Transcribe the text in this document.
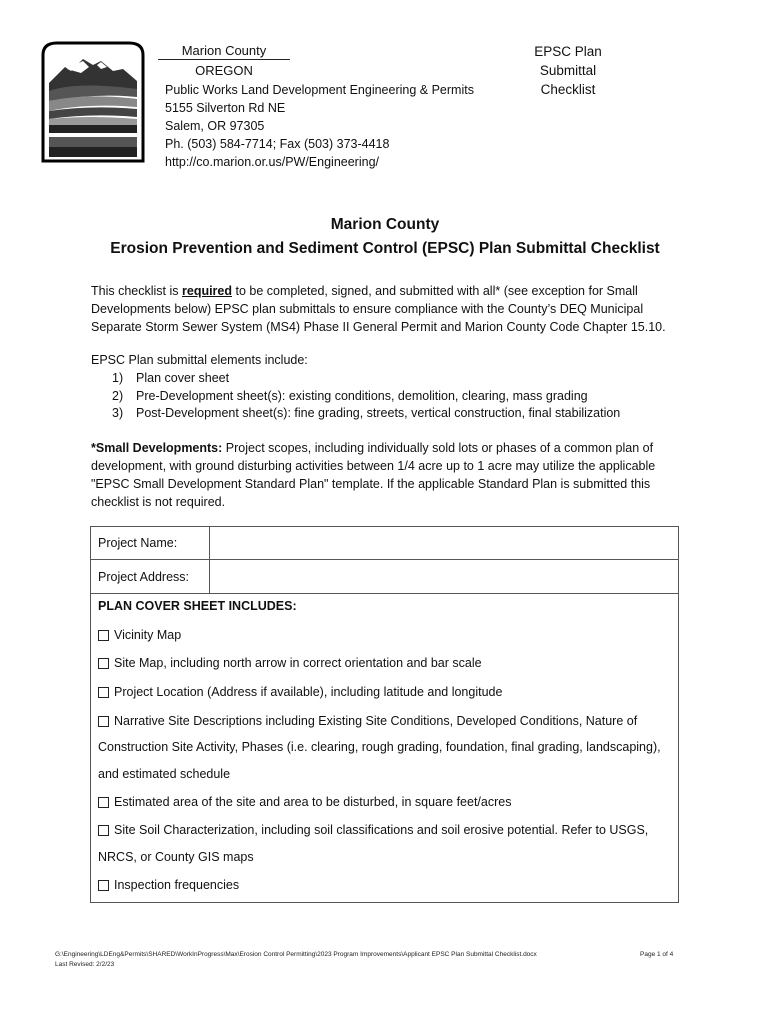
Marion County
OREGON
Public Works Land Development Engineering & Permits
5155 Silverton Rd NE
Salem, OR 97305
Ph. (503) 584-7714; Fax (503) 373-4418
http://co.marion.or.us/PW/Engineering/
EPSC Plan
Submittal
Checklist
Marion County
Erosion Prevention and Sediment Control (EPSC) Plan Submittal Checklist
This checklist is required to be completed, signed, and submitted with all* (see exception for Small Developments below) EPSC plan submittals to ensure compliance with the County’s DEQ Municipal Separate Storm Sewer System (MS4) Phase II General Permit and Marion County Code Chapter 15.10.
EPSC Plan submittal elements include:
1) Plan cover sheet
2) Pre-Development sheet(s): existing conditions, demolition, clearing, mass grading
3) Post-Development sheet(s): fine grading, streets, vertical construction, final stabilization
*Small Developments: Project scopes, including individually sold lots or phases of a common plan of development, with ground disturbing activities between 1/4 acre up to 1 acre may utilize the applicable "EPSC Small Development Standard Plan" template. If the applicable Standard Plan is submitted this checklist is not required.
Project Name:
Project Address:
PLAN COVER SHEET INCLUDES:
Vicinity Map
Site Map, including north arrow in correct orientation and bar scale
Project Location (Address if available), including latitude and longitude
Narrative Site Descriptions including Existing Site Conditions, Developed Conditions, Nature of
Construction Site Activity, Phases (i.e. clearing, rough grading, foundation, final grading, landscaping),
and estimated schedule
Estimated area of the site and area to be disturbed, in square feet/acres
Site Soil Characterization, including soil classifications and soil erosive potential. Refer to USGS,
NRCS, or County GIS maps
Inspection frequencies
G:\Engineering\LDEng&Permits\SHARED\WorkInProgress\Max\Erosion Control Permitting\2023 Program Improvements\Applicant EPSC Plan Submittal Checklist.docx
Last Revised: 2/2/23
Page 1 of 4
